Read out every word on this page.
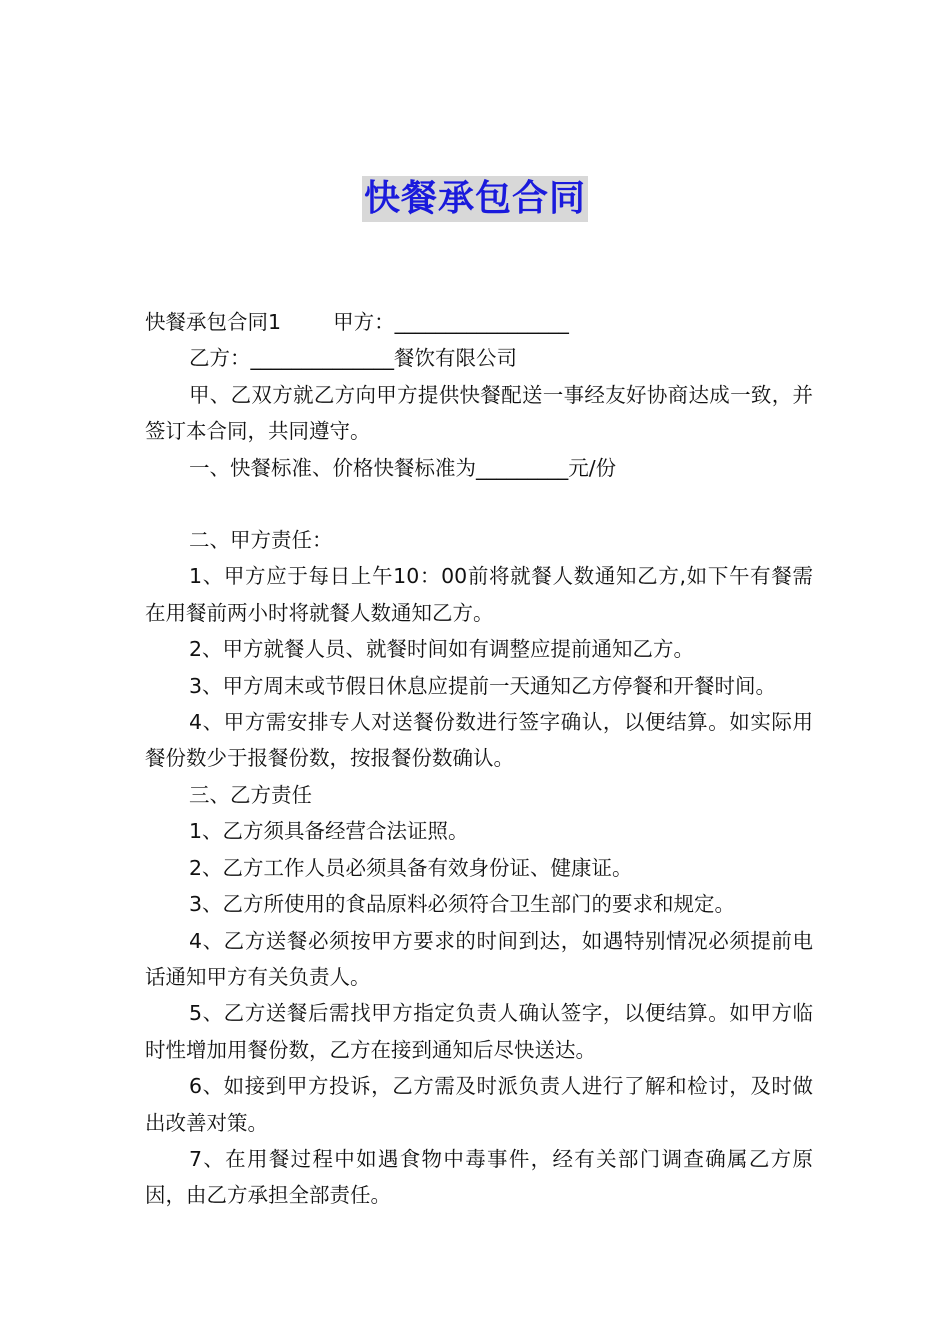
快餐承包合同

快餐承包合同1        甲方：_________________

乙方：______________餐饮有限公司

甲、乙双方就乙方向甲方提供快餐配送一事经友好协商达成一致，并签订本合同，共同遵守。

一、快餐标准、价格快餐标准为_________元/份

二、甲方责任：

1、甲方应于每日上午10：00前将就餐人数通知乙方,如下午有餐需在用餐前两小时将就餐人数通知乙方。

2、甲方就餐人员、就餐时间如有调整应提前通知乙方。

3、甲方周末或节假日休息应提前一天通知乙方停餐和开餐时间。

4、甲方需安排专人对送餐份数进行签字确认，以便结算。如实际用餐份数少于报餐份数，按报餐份数确认。

三、乙方责任

1、乙方须具备经营合法证照。

2、乙方工作人员必须具备有效身份证、健康证。

3、乙方所使用的食品原料必须符合卫生部门的要求和规定。

4、乙方送餐必须按甲方要求的时间到达，如遇特别情况必须提前电话通知甲方有关负责人。

5、乙方送餐后需找甲方指定负责人确认签字，以便结算。如甲方临时性增加用餐份数，乙方在接到通知后尽快送达。

6、如接到甲方投诉，乙方需及时派负责人进行了解和检讨，及时做出改善对策。

7、在用餐过程中如遇食物中毒事件，经有关部门调查确属乙方原因，由乙方承担全部责任。
